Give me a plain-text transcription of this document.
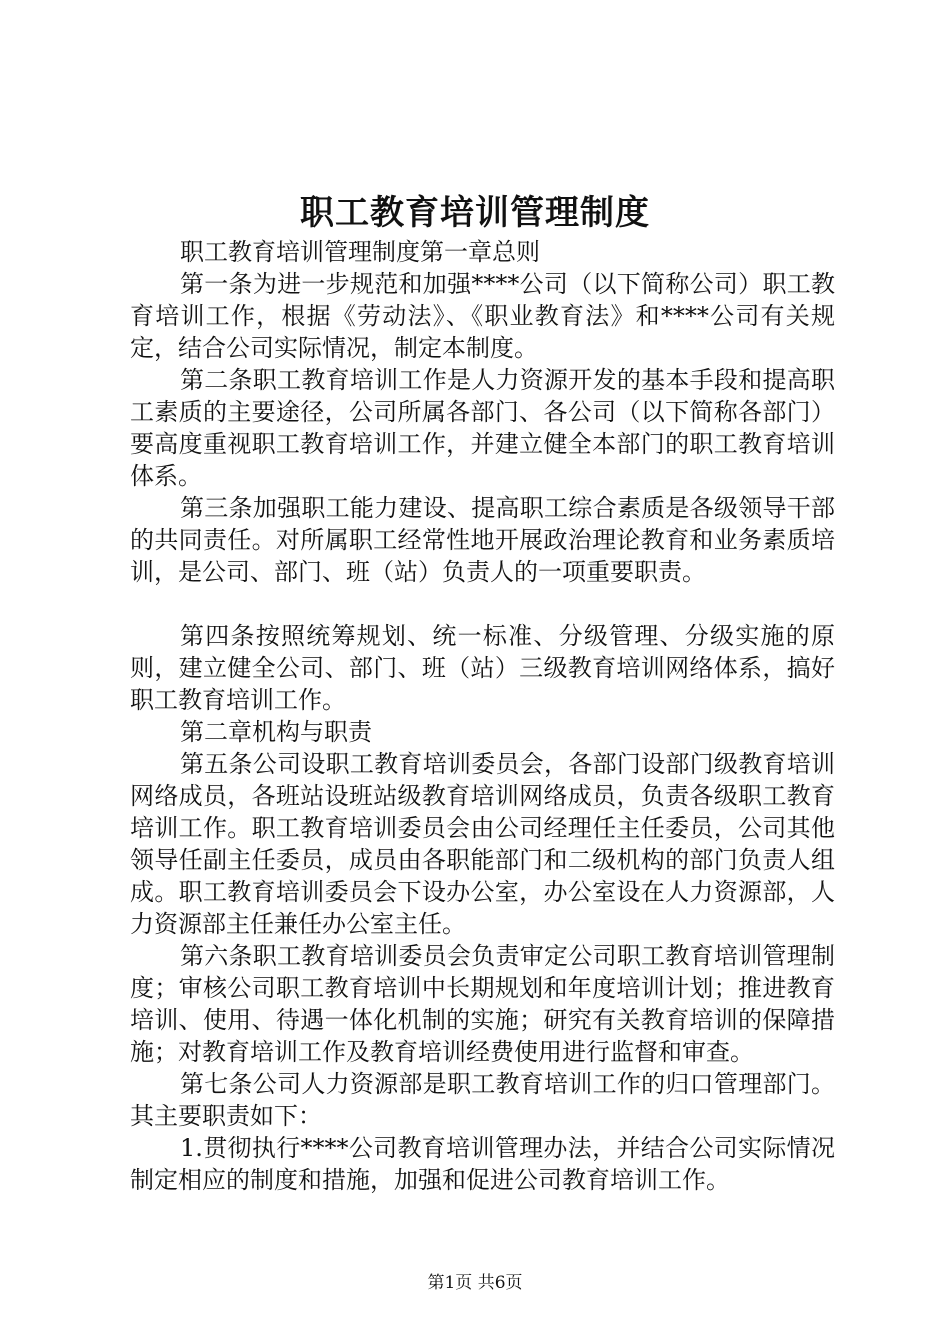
职工教育培训管理制度

职工教育培训管理制度第一章总则

第一条为进一步规范和加强****公司（以下简称公司）职工教育培训工作，根据《劳动法》、《职业教育法》和****公司有关规定，结合公司实际情况，制定本制度。

第二条职工教育培训工作是人力资源开发的基本手段和提高职工素质的主要途径，公司所属各部门、各公司（以下简称各部门）要高度重视职工教育培训工作，并建立健全本部门的职工教育培训体系。

第三条加强职工能力建设、提高职工综合素质是各级领导干部的共同责任。对所属职工经常性地开展政治理论教育和业务素质培训，是公司、部门、班（站）负责人的一项重要职责。

第四条按照统筹规划、统一标准、分级管理、分级实施的原则，建立健全公司、部门、班（站）三级教育培训网络体系，搞好职工教育培训工作。

第二章机构与职责

第五条公司设职工教育培训委员会，各部门设部门级教育培训网络成员，各班站设班站级教育培训网络成员，负责各级职工教育培训工作。职工教育培训委员会由公司经理任主任委员，公司其他领导任副主任委员，成员由各职能部门和二级机构的部门负责人组成。职工教育培训委员会下设办公室，办公室设在人力资源部，人力资源部主任兼任办公室主任。

第六条职工教育培训委员会负责审定公司职工教育培训管理制度；审核公司职工教育培训中长期规划和年度培训计划；推进教育培训、使用、待遇一体化机制的实施；研究有关教育培训的保障措施；对教育培训工作及教育培训经费使用进行监督和审查。

第七条公司人力资源部是职工教育培训工作的归口管理部门。其主要职责如下：

1.贯彻执行****公司教育培训管理办法，并结合公司实际情况制定相应的制度和措施，加强和促进公司教育培训工作。

第1页 共6页
